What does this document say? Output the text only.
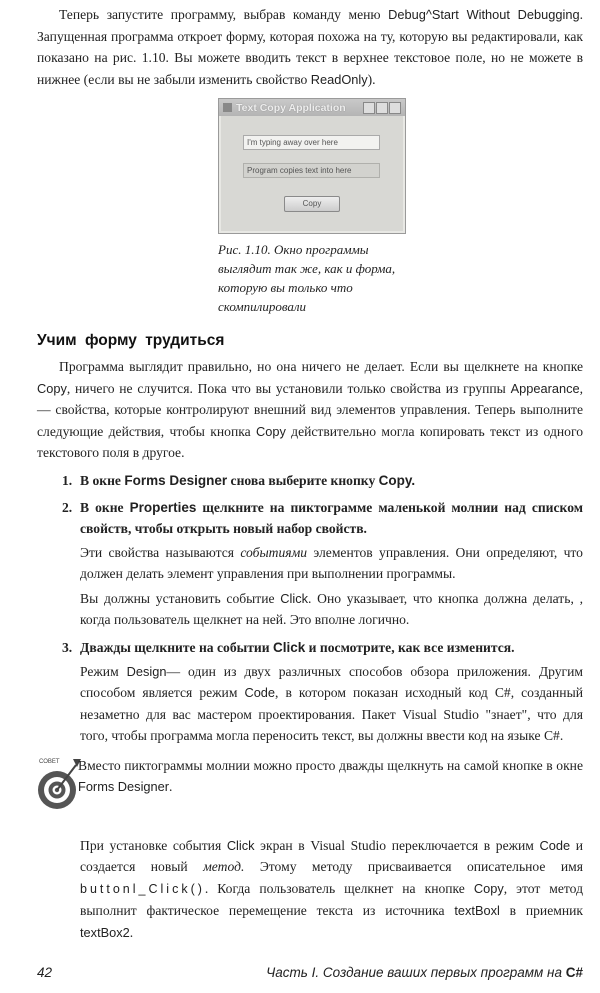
Теперь запустите программу, выбрав команду меню Debug^Start Without Debugging. Запущенная программа откроет форму, которая похожа на ту, которую вы редактировали, как показано на рис. 1.10. Вы можете вводить текст в верхнее текстовое поле, но не можете в нижнее (если вы не забыли изменить свойство ReadOnly).
Text Copy Application
I'm typing away over here
Program copies text into here
Copy
Рис. 1.10. Окно программы выглядит так же, как и форма, которую вы только что скомпилировали
Учим форму трудиться
Программа выглядит правильно, но она ничего не делает. Если вы щелкнете на кнопке Copy, ничего не случится. Пока что вы установили только свойства из группы Appearance, — свойства, которые контролируют внешний вид элементов управления. Теперь выполните следующие действия, чтобы кнопка Copy действительно могла копировать текст из одного текстового поля в другое.
1. В окне Forms Designer снова выберите кнопку Copy.
2. В окне Properties щелкните на пиктограмме маленькой молнии над списком свойств, чтобы открыть новый набор свойств.
Эти свойства называются событиями элементов управления. Они определяют, что должен делать элемент управления при выполнении программы.
Вы должны установить событие Click. Оно указывает, что кнопка должна делать, , когда пользователь щелкнет на ней. Это вполне логично.
3. Дважды щелкните на событии Click и посмотрите, как все изменится.
Режим Design— один из двух различных способов обзора приложения. Другим способом является режим Code, в котором показан исходный код C#, созданный незаметно для вас мастером проектирования. Пакет Visual Studio "знает", что для того, чтобы программа могла переносить текст, вы должны ввести код на языке C#.
СОВЕТ Вместо пиктограммы молнии можно просто дважды щелкнуть на самой кнопке в окне Forms Designer.
При установке события Click экран в Visual Studio переключается в режим Code и создается новый метод. Этому методу присваивается описательное имя buttonl_Click(). Когда пользователь щелкнет на кнопке Copy, этот метод выполнит фактическое перемещение текста из источника textBoxl в приемник textBox2.
42	Часть I. Создание ваших первых программ на C#
